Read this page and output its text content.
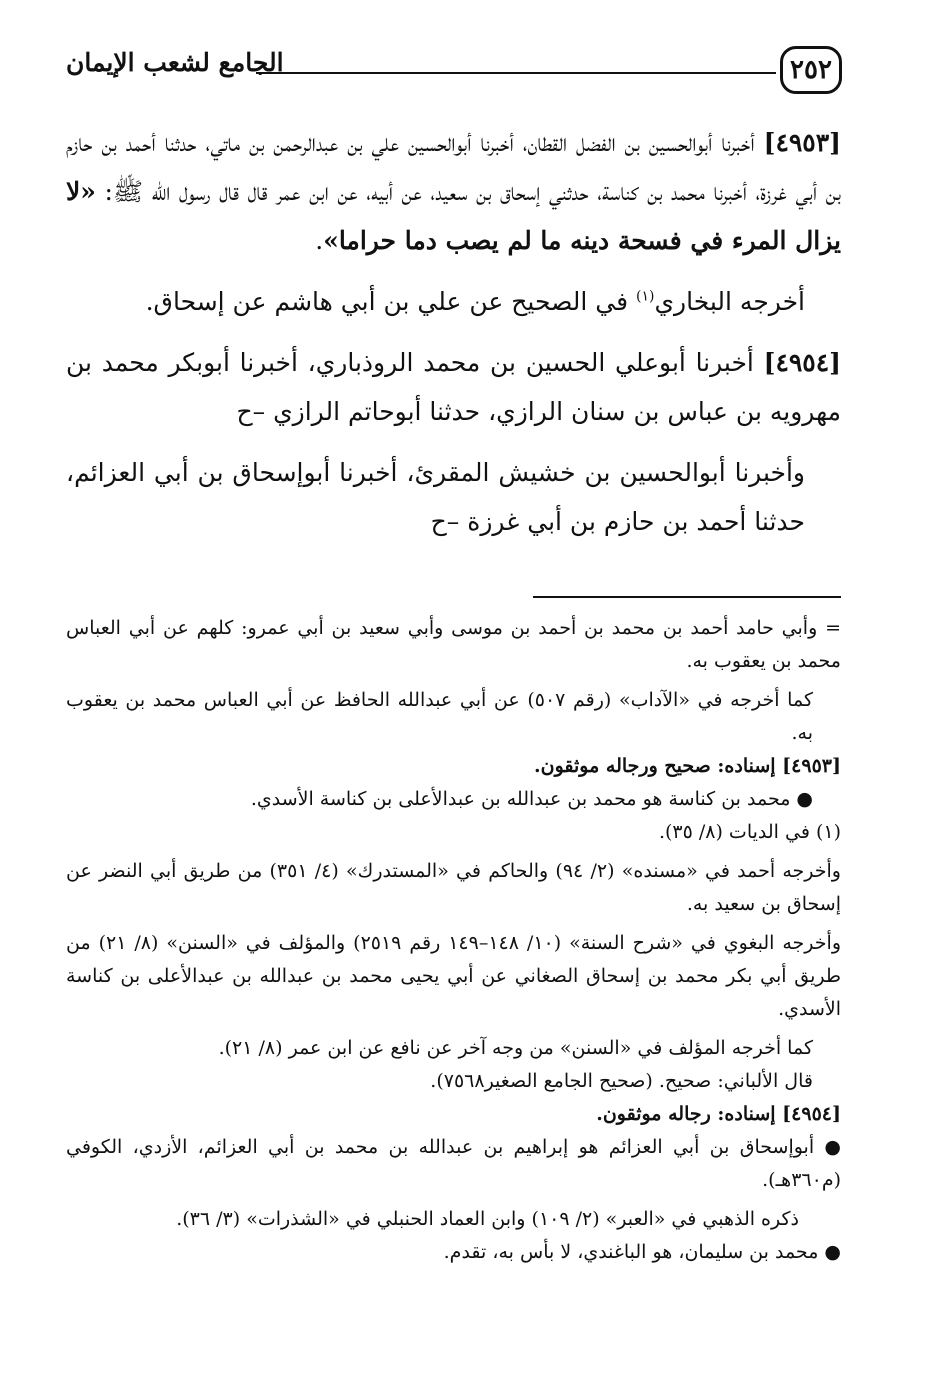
٢٥٢
الجامع لشعب الإيمان

[٤٩٥٣] أخبرنا أبوالحسين بن الفضل القطان، أخبرنا أبوالحسين علي بن عبدالرحمن بن ماتي، حدثنا أحمد بن حازم بن أبي غرزة، أخبرنا محمد بن كناسة، حدثني إسحاق بن سعيد، عن أبيه، عن ابن عمر قال قال رسول الله ﷺ: «لا يزال المرء في فسحة دينه ما لم يصب دما حراما».

أخرجه البخاري$^{(١)}$ في الصحيح عن علي بن أبي هاشم عن إسحاق.

[٤٩٥٤] أخبرنا أبوعلي الحسين بن محمد الروذباري، أخبرنا أبوبكر محمد بن مهرويه بن عباس بن سنان الرازي، حدثنا أبوحاتم الرازي –ح

وأخبرنا أبوالحسين بن خشيش المقرئ، أخبرنا أبوإسحاق بن أبي العزائم، حدثنا أحمد بن حازم بن أبي غرزة –ح

= وأبي حامد أحمد بن محمد بن أحمد بن موسى وأبي سعيد بن أبي عمرو: كلهم عن أبي العباس محمد بن يعقوب به.

كما أخرجه في «الآداب» (رقم ٥٠٧) عن أبي عبدالله الحافظ عن أبي العباس محمد بن يعقوب به.

[٤٩٥٣] إسناده: صحيح ورجاله موثقون.

● محمد بن كناسة هو محمد بن عبدالله بن عبدالأعلى بن كناسة الأسدي.

(١) في الديات (٨/ ٣٥).

وأخرجه أحمد في «مسنده» (٢/ ٩٤) والحاكم في «المستدرك» (٤/ ٣٥١) من طريق أبي النضر عن إسحاق بن سعيد به.

وأخرجه البغوي في «شرح السنة» (١٠/ ١٤٨–١٤٩ رقم ٢٥١٩) والمؤلف في «السنن» (٨/ ٢١) من طريق أبي بكر محمد بن إسحاق الصغاني عن أبي يحيى محمد بن عبدالله بن عبدالأعلى بن كناسة الأسدي.

كما أخرجه المؤلف في «السنن» من وجه آخر عن نافع عن ابن عمر (٨/ ٢١).

قال الألباني: صحيح. (صحيح الجامع الصغير٧٥٦٨).

[٤٩٥٤] إسناده: رجاله موثقون.

● أبوإسحاق بن أبي العزائم هو إبراهيم بن عبدالله بن محمد بن أبي العزائم، الأزدي، الكوفي (م٣٦٠هـ).

ذكره الذهبي في «العبر» (٢/ ١٠٩) وابن العماد الحنبلي في «الشذرات» (٣/ ٣٦).

● محمد بن سليمان، هو الباغندي، لا بأس به، تقدم.
